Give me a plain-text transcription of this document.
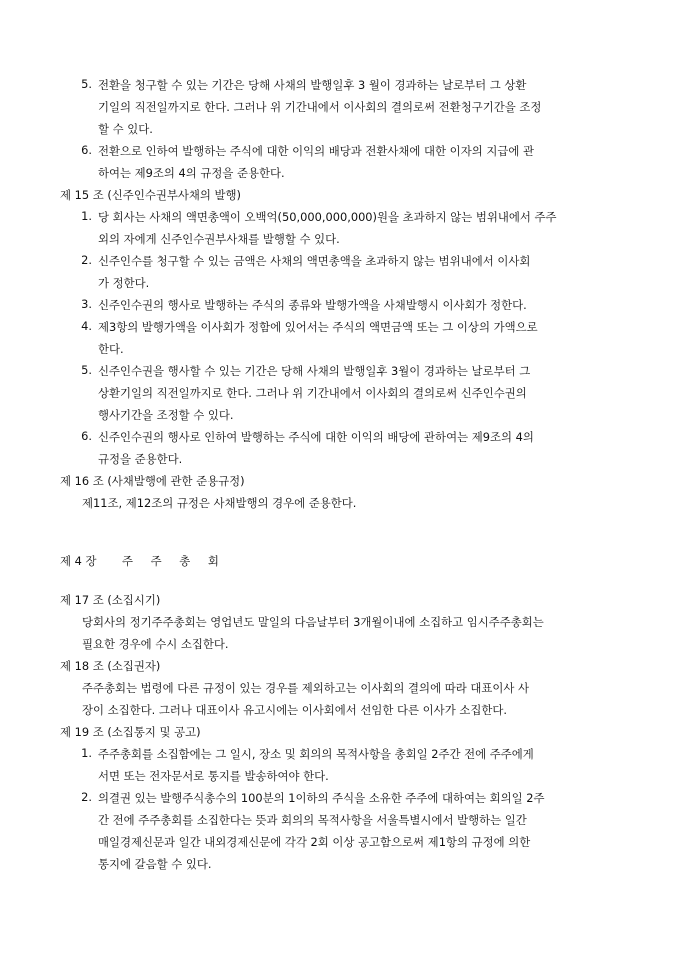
5. 전환을 청구할 수 있는 기간은 당해 사채의 발행일후 3 월이 경과하는 날로부터 그 상환
기일의 직전일까지로 한다. 그러나 위 기간내에서 이사회의 결의로써 전환청구기간을 조정
할 수 있다.
6. 전환으로 인하여 발행하는 주식에 대한 이익의 배당과 전환사채에 대한 이자의 지급에 관
하여는 제9조의 4의 규정을 준용한다.
제 15 조 (신주인수권부사채의 발행)
1. 당 회사는 사채의 액면총액이 오백억(50,000,000,000)원을 초과하지 않는 범위내에서 주주
외의 자에게 신주인수권부사채를 발행할 수 있다.
2. 신주인수를 청구할 수 있는 금액은 사채의 액면총액을 초과하지 않는 범위내에서 이사회
가 정한다.
3. 신주인수권의 행사로 발행하는 주식의 종류와 발행가액을 사채발행시 이사회가 정한다.
4. 제3항의 발행가액을 이사회가 정함에 있어서는 주식의 액면금액 또는 그 이상의 가액으로
한다.
5. 신주인수권을 행사할 수 있는 기간은 당해 사채의 발행일후 3월이 경과하는 날로부터 그
상환기일의 직전일까지로 한다. 그러나 위 기간내에서 이사회의 결의로써 신주인수권의
행사기간을 조정할 수 있다.
6. 신주인수권의 행사로 인하여 발행하는 주식에 대한 이익의 배당에 관하여는 제9조의 4의
규정을 준용한다.
제 16 조 (사채발행에 관한 준용규정)
제11조, 제12조의 규정은 사채발행의 경우에 준용한다.
제 4 장 주 주 총 회
제 17 조 (소집시기)
당회사의 정기주주총회는 영업년도 말일의 다음날부터 3개월이내에 소집하고 임시주주총회는
필요한 경우에 수시 소집한다.
제 18 조 (소집권자)
주주총회는 법령에 다른 규정이 있는 경우를 제외하고는 이사회의 결의에 따라 대표이사 사
장이 소집한다. 그러나 대표이사 유고시에는 이사회에서 선임한 다른 이사가 소집한다.
제 19 조 (소집통지 및 공고)
1. 주주총회를 소집함에는 그 일시, 장소 및 회의의 목적사항을 총회일 2주간 전에 주주에게
서면 또는 전자문서로 통지를 발송하여야 한다.
2. 의결권 있는 발행주식총수의 100분의 1이하의 주식을 소유한 주주에 대하여는 회의일 2주
간 전에 주주총회를 소집한다는 뜻과 회의의 목적사항을 서울특별시에서 발행하는 일간
매일경제신문과 일간 내외경제신문에 각각 2회 이상 공고함으로써 제1항의 규정에 의한
통지에 갈음할 수 있다.
